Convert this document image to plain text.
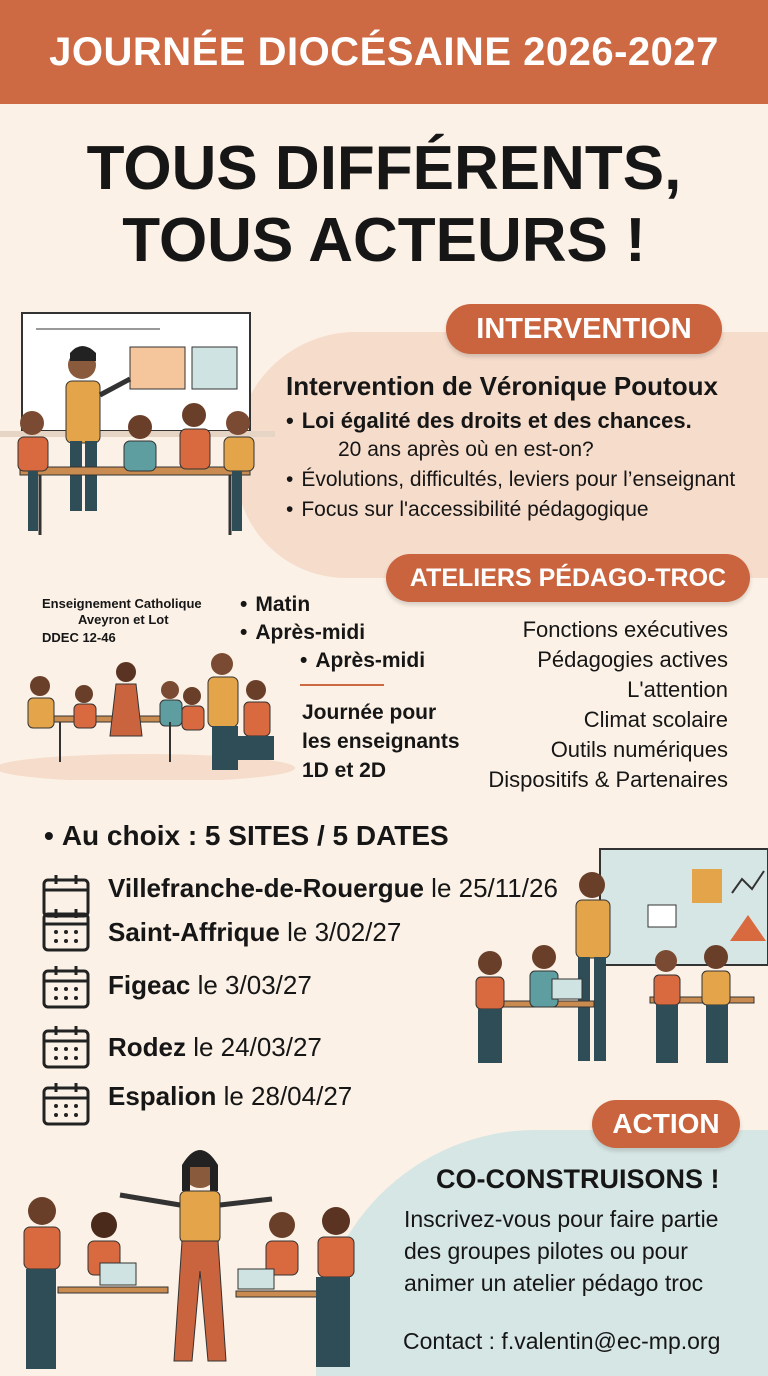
JOURNÉE DIOCÉSAINE 2026-2027
TOUS DIFFÉRENTS,
TOUS ACTEURS !
INTERVENTION
Intervention de Véronique Poutoux
• Loi égalité des droits et des chances.
20 ans après où en est-on?
• Évolutions, difficultés, leviers pour l’enseignant
• Focus sur l'accessibilité pédagogique
ATELIERS PÉDAGO-TROC
Enseignement Catholique
Aveyron et Lot
DDEC 12-46
• Matin
• Après-midi
• Après-midi
Journée pour
les enseignants
1D et 2D
Fonctions exécutives
Pédagogies actives
L'attention
Climat scolaire
Outils numériques
Dispositifs & Partenaires
• Au choix : 5 SITES / 5 DATES
Villefranche-de-Rouergue le 25/11/26
Saint-Affrique le 3/02/27
Figeac le 3/03/27
Rodez le 24/03/27
Espalion le 28/04/27
ACTION
CO-CONSTRUISONS !
Inscrivez-vous pour faire partie
des groupes pilotes ou pour
animer un atelier pédago troc
Contact : f.valentin@ec-mp.org
